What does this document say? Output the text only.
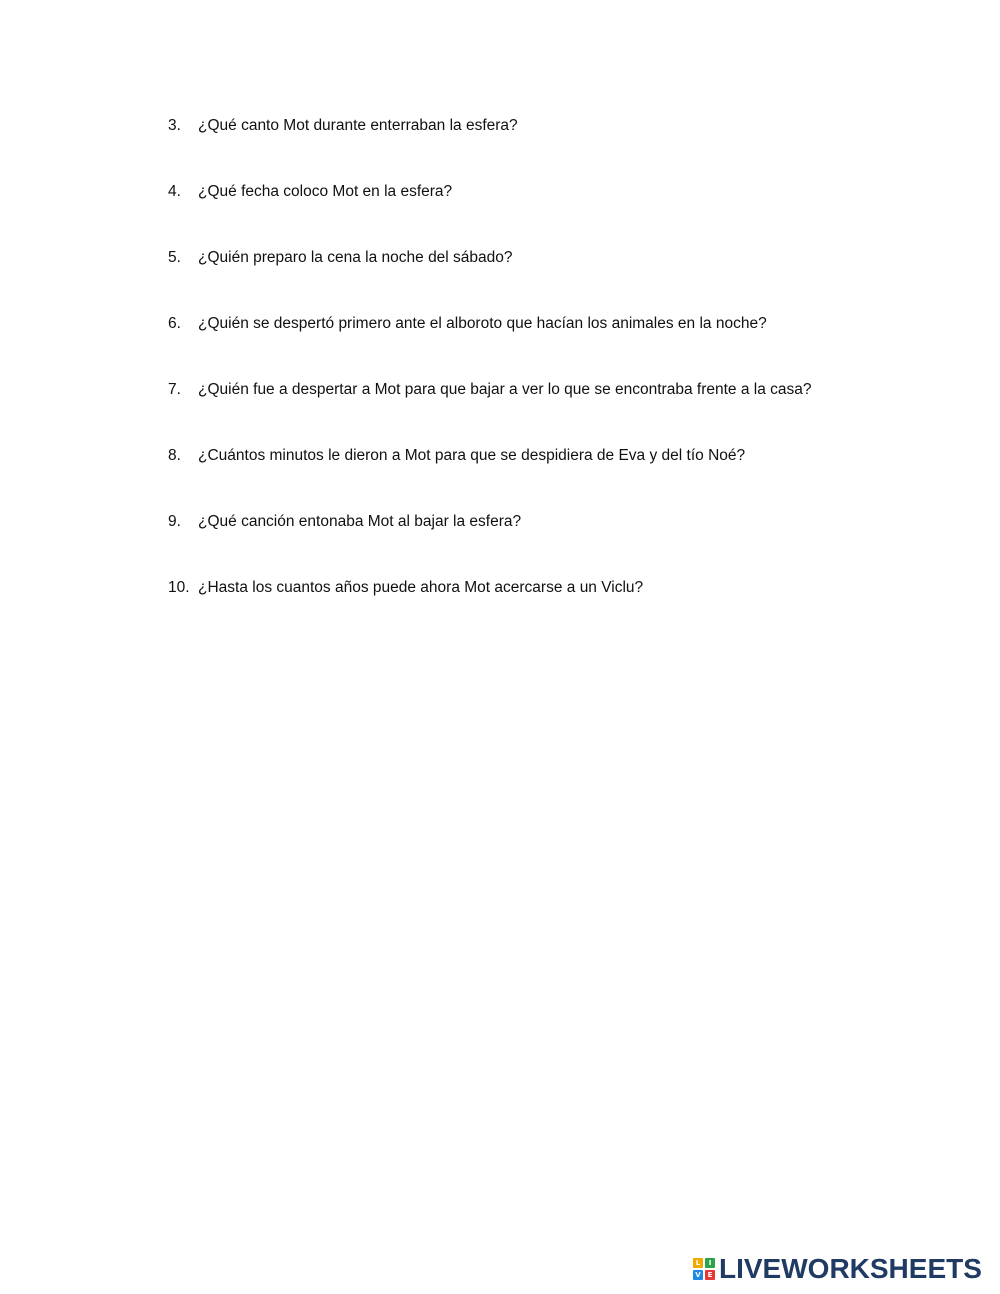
3.	¿Qué canto Mot durante enterraban la esfera?
4.	¿Qué fecha coloco Mot en la esfera?
5.	¿Quién preparo la cena la noche del sábado?
6.	¿Quién se despertó primero ante el alboroto que hacían los animales en la noche?
7.	¿Quién fue a despertar a Mot para que bajar a ver lo que se encontraba frente a la casa?
8.	¿Cuántos minutos le dieron a Mot para que se despidiera de Eva y del tío Noé?
9.	¿Qué canción entonaba Mot al bajar la esfera?
10. ¿Hasta los cuantos años puede ahora Mot acercarse a un Viclu?
L	I
V E LIVEWORKSHEETS
